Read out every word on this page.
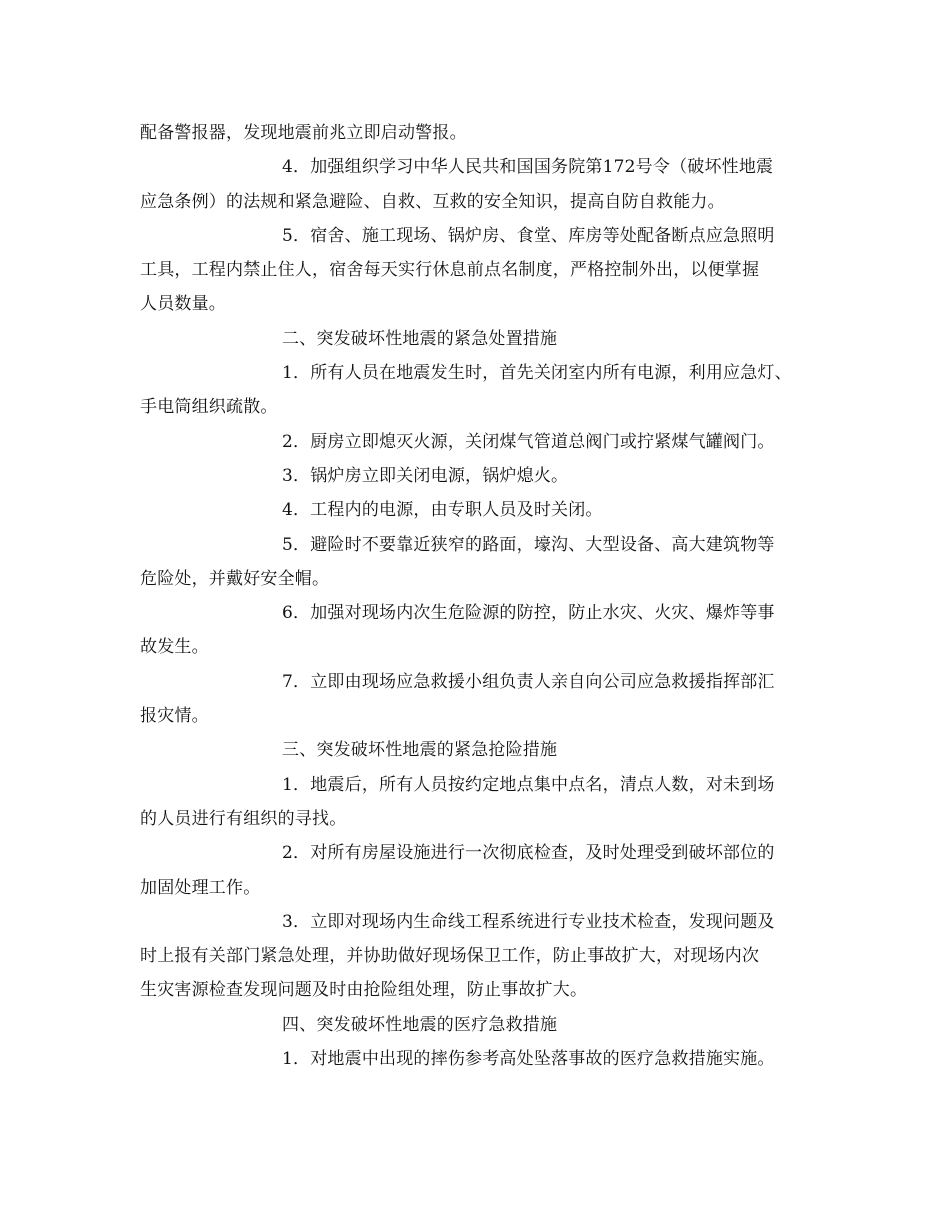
配备警报器，发现地震前兆立即启动警报。
4．加强组织学习中华人民共和国国务院第172号令（破坏性地震
应急条例）的法规和紧急避险、自救、互救的安全知识，提高自防自救能力。
5．宿舍、施工现场、锅炉房、食堂、库房等处配备断点应急照明
工具，工程内禁止住人，宿舍每天实行休息前点名制度，严格控制外出，以便掌握
人员数量。
二、突发破坏性地震的紧急处置措施
1．所有人员在地震发生时，首先关闭室内所有电源，利用应急灯、
手电筒组织疏散。
2．厨房立即熄灭火源，关闭煤气管道总阀门或拧紧煤气罐阀门。
3．锅炉房立即关闭电源，锅炉熄火。
4．工程内的电源，由专职人员及时关闭。
5．避险时不要靠近狭窄的路面，壕沟、大型设备、高大建筑物等
危险处，并戴好安全帽。
6．加强对现场内次生危险源的防控，防止水灾、火灾、爆炸等事
故发生。
7．立即由现场应急救援小组负责人亲自向公司应急救援指挥部汇
报灾情。
三、突发破坏性地震的紧急抢险措施
1．地震后，所有人员按约定地点集中点名，清点人数，对未到场
的人员进行有组织的寻找。
2．对所有房屋设施进行一次彻底检查，及时处理受到破坏部位的
加固处理工作。
3．立即对现场内生命线工程系统进行专业技术检查，发现问题及
时上报有关部门紧急处理，并协助做好现场保卫工作，防止事故扩大，对现场内次
生灾害源检查发现问题及时由抢险组处理，防止事故扩大。
四、突发破坏性地震的医疗急救措施
1．对地震中出现的摔伤参考高处坠落事故的医疗急救措施实施。
